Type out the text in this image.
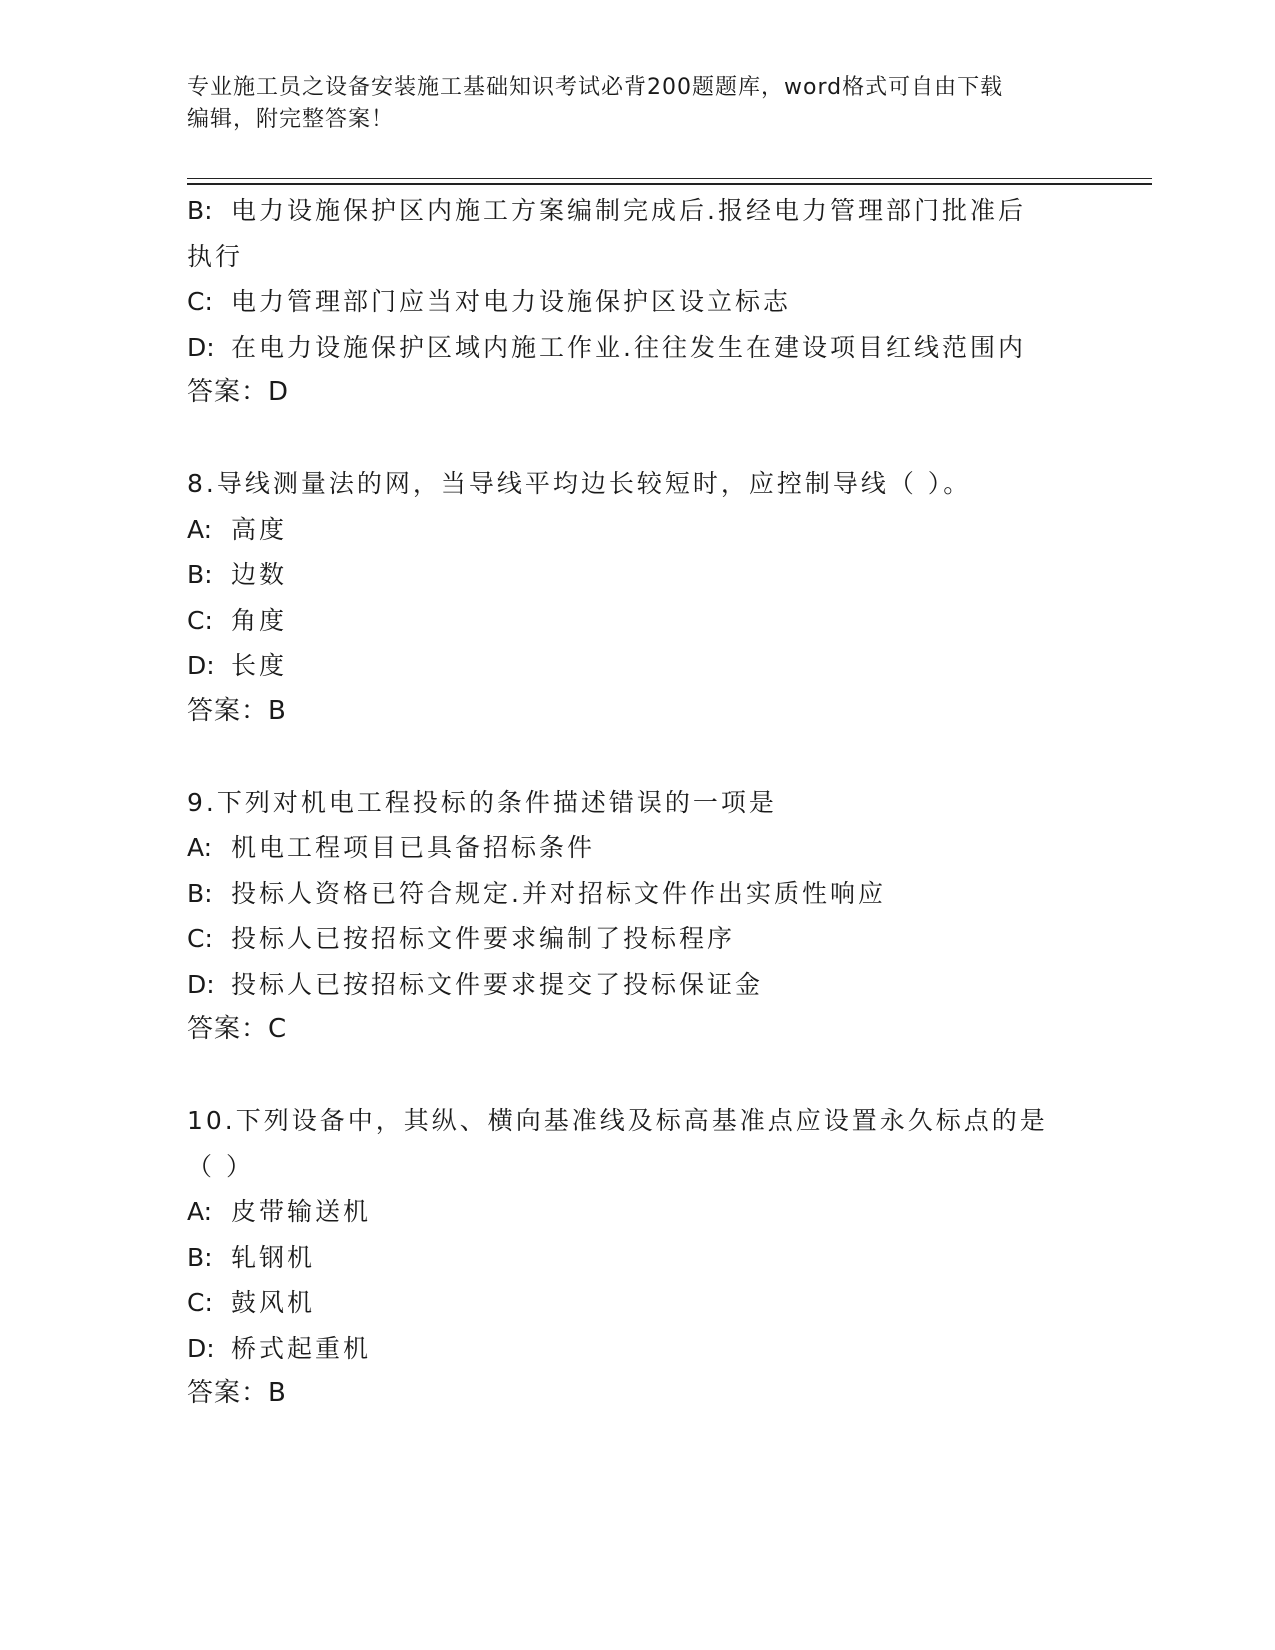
专业施工员之设备安装施工基础知识考试必背200题题库，word格式可自由下载
编辑，附完整答案！
B: 电力设施保护区内施工方案编制完成后.报经电力管理部门批准后
执行
C: 电力管理部门应当对电力设施保护区设立标志
D: 在电力设施保护区域内施工作业.往往发生在建设项目红线范围内
答案：D
8.导线测量法的网，当导线平均边长较短时，应控制导线（ ）。
A: 高度
B: 边数
C: 角度
D: 长度
答案：B
9.下列对机电工程投标的条件描述错误的一项是
A: 机电工程项目已具备招标条件
B: 投标人资格已符合规定.并对招标文件作出实质性响应
C: 投标人已按招标文件要求编制了投标程序
D: 投标人已按招标文件要求提交了投标保证金
答案：C
10.下列设备中，其纵、横向基准线及标高基准点应设置永久标点的是
（ ）
A: 皮带输送机
B: 轧钢机
C: 鼓风机
D: 桥式起重机
答案：B
